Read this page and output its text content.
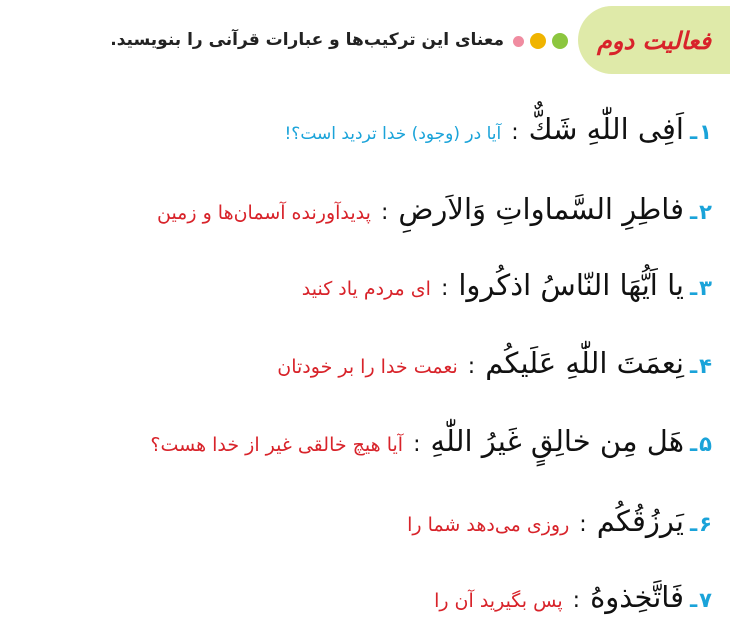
فعالیت دوم
معنای این ترکیب‌ها و عبارات قرآنی را بنویسید.
۱
ـ
اَفِی اللّٰهِ شَكٌّ
:
آیا در (وجود) خدا تردید است؟!
۲
ـ
فاطِرِ السَّماواتِ وَالاَرضِ
:
پدیدآورنده آسمان‌ها و زمین
۳
ـ
یا اَیُّهَا النّاسُ اذکُروا
:
ای مردم یاد کنید
۴
ـ
نِعمَتَ اللّٰهِ عَلَیکُم
:
نعمت خدا را بر خودتان
۵
ـ
هَل مِن خالِقٍ غَیرُ اللّٰهِ
:
آیا هیچ خالقی غیر از خدا هست؟
۶
ـ
یَرزُقُكُم
:
روزی می‌دهد شما را
۷
ـ
فَاتَّخِذوهُ
:
پس بگیرید آن را
